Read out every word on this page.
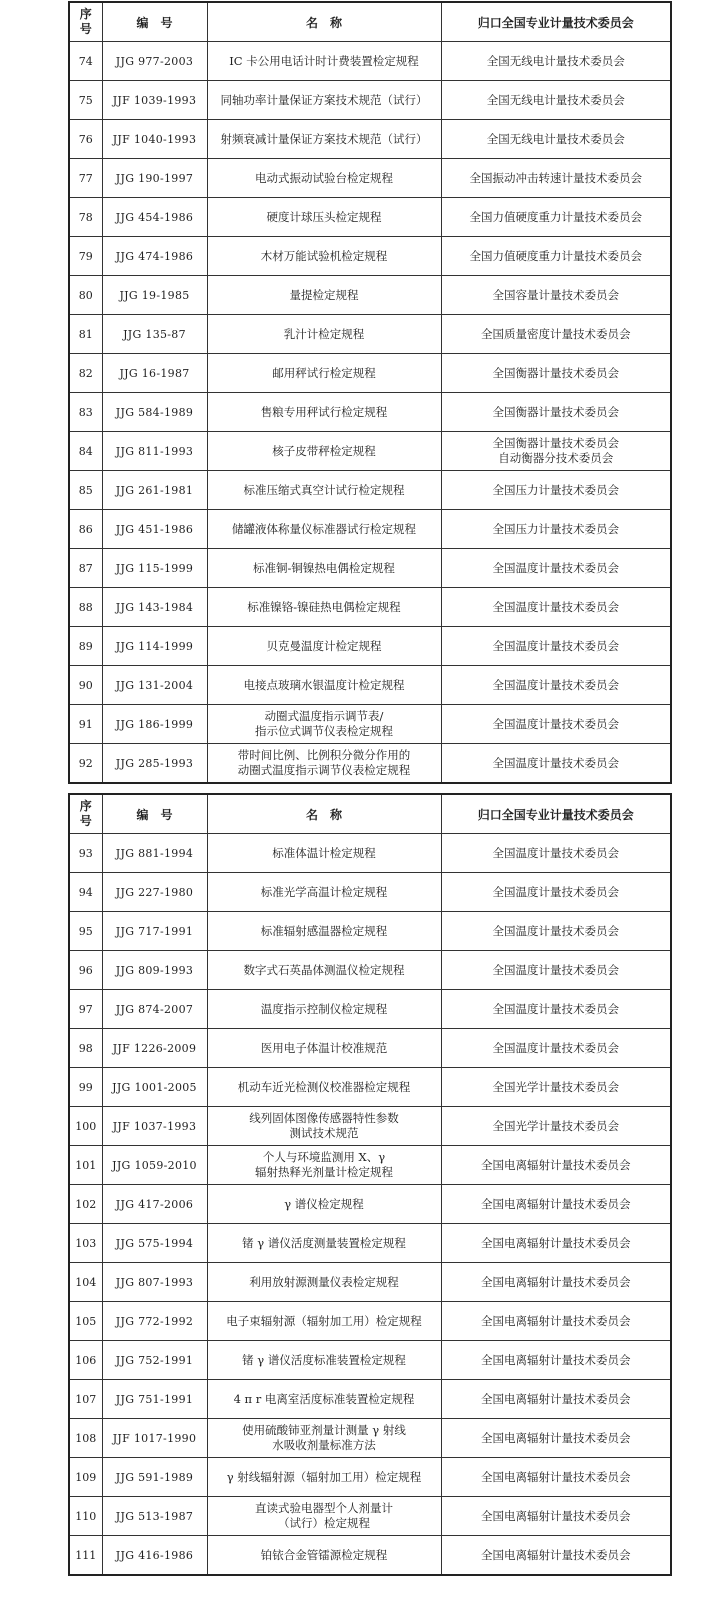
序
号	编　号	名　称	归口全国专业计量技术委员会
74	JJG 977-2003	IC 卡公用电话计时计费装置检定规程	全国无线电计量技术委员会

75	JJF 1039-1993	同轴功率计量保证方案技术规范（试行）	全国无线电计量技术委员会

76	JJF 1040-1993	射频衰减计量保证方案技术规范（试行）	全国无线电计量技术委员会

77	JJG 190-1997	电动式振动试验台检定规程	全国振动冲击转速计量技术委员会

78	JJG 454-1986	硬度计球压头检定规程	全国力值硬度重力计量技术委员会

79	JJG 474-1986	木材万能试验机检定规程	全国力值硬度重力计量技术委员会

80	JJG 19-1985	量提检定规程	全国容量计量技术委员会

81	JJG 135-87	乳汁计检定规程	全国质量密度计量技术委员会

82	JJG 16-1987	邮用秤试行检定规程	全国衡器计量技术委员会

83	JJG 584-1989	售粮专用秤试行检定规程	全国衡器计量技术委员会

84	JJG 811-1993	核子皮带秤检定规程	全国衡器计量技术委员会
自动衡器分技术委员会

85	JJG 261-1981	标准压缩式真空计试行检定规程	全国压力计量技术委员会

86	JJG 451-1986	储罐液体称量仪标准器试行检定规程	全国压力计量技术委员会

87	JJG 115-1999	标准铜-铜镍热电偶检定规程	全国温度计量技术委员会

88	JJG 143-1984	标准镍铬-镍硅热电偶检定规程	全国温度计量技术委员会

89	JJG 114-1999	贝克曼温度计检定规程	全国温度计量技术委员会

90	JJG 131-2004	电接点玻璃水银温度计检定规程	全国温度计量技术委员会

91	JJG 186-1999	动圈式温度指示调节表/
指示位式调节仪表检定规程	全国温度计量技术委员会

92	JJG 285-1993	带时间比例、比例积分微分作用的
动圈式温度指示调节仪表检定规程	全国温度计量技术委员会
序
号	编　号	名　称	归口全国专业计量技术委员会
93	JJG 881-1994	标准体温计检定规程	全国温度计量技术委员会

94	JJG 227-1980	标准光学高温计检定规程	全国温度计量技术委员会

95	JJG 717-1991	标准辐射感温器检定规程	全国温度计量技术委员会

96	JJG 809-1993	数字式石英晶体测温仪检定规程	全国温度计量技术委员会

97	JJG 874-2007	温度指示控制仪检定规程	全国温度计量技术委员会

98	JJF 1226-2009	医用电子体温计校准规范	全国温度计量技术委员会

99	JJG 1001-2005	机动车近光检测仪校准器检定规程	全国光学计量技术委员会

100	JJF 1037-1993	线列固体图像传感器特性参数
测试技术规范	全国光学计量技术委员会

101	JJG 1059-2010	个人与环境监测用 X、γ
辐射热释光剂量计检定规程	全国电离辐射计量技术委员会

102	JJG 417-2006	γ 谱仪检定规程	全国电离辐射计量技术委员会

103	JJG 575-1994	锗 γ 谱仪活度测量装置检定规程	全国电离辐射计量技术委员会

104	JJG 807-1993	利用放射源测量仪表检定规程	全国电离辐射计量技术委员会

105	JJG 772-1992	电子束辐射源（辐射加工用）检定规程	全国电离辐射计量技术委员会

106	JJG 752-1991	锗 γ 谱仪活度标准装置检定规程	全国电离辐射计量技术委员会

107	JJG 751-1991	4 π r 电离室活度标准装置检定规程	全国电离辐射计量技术委员会

108	JJF 1017-1990	使用硫酸铈亚剂量计测量 γ 射线
水吸收剂量标准方法	全国电离辐射计量技术委员会

109	JJG 591-1989	γ 射线辐射源（辐射加工用）检定规程	全国电离辐射计量技术委员会

110	JJG 513-1987	直读式验电器型个人剂量计
（试行）检定规程	全国电离辐射计量技术委员会

111	JJG 416-1986	铂铱合金管镭源检定规程	全国电离辐射计量技术委员会
